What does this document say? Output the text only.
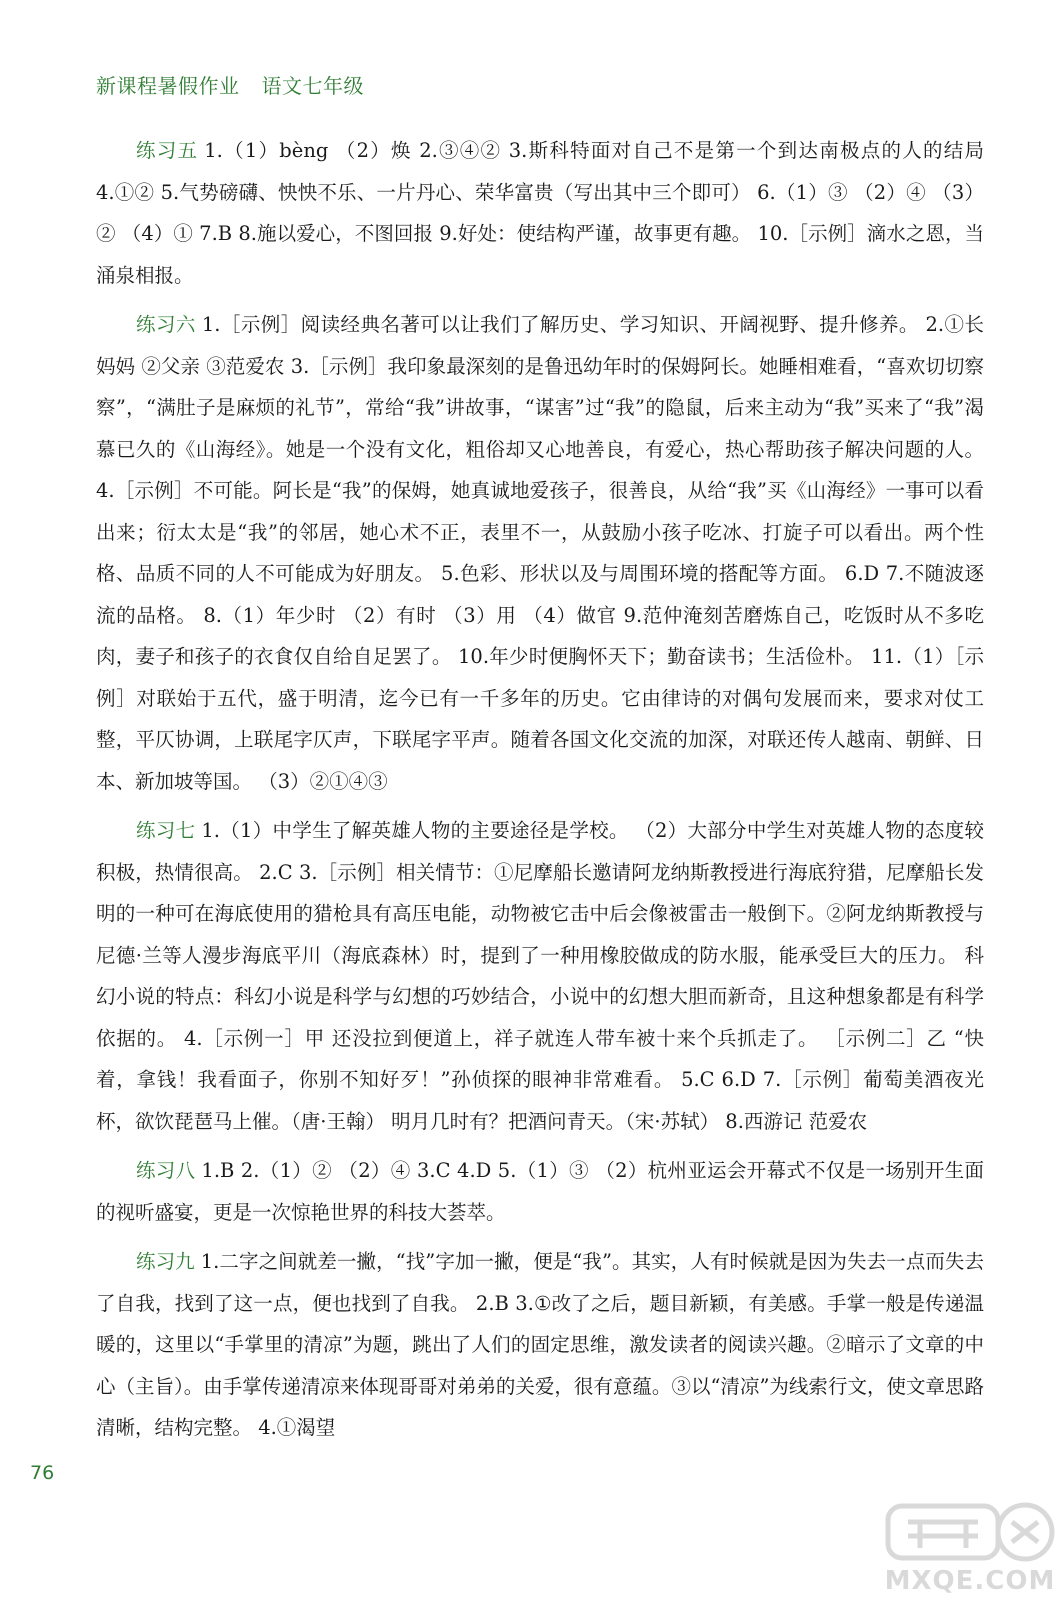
新课程暑假作业 语文七年级

练习五 1.（1）bèng （2）焕 2.③④② 3.斯科特面对自己不是第一个到达南极点的人的结局 4.①② 5.气势磅礴、怏怏不乐、一片丹心、荣华富贵（写出其中三个即可） 6.（1）③ （2）④ （3）② （4）① 7.B 8.施以爱心，不图回报 9.好处：使结构严谨，故事更有趣。 10.［示例］滴水之恩，当涌泉相报。

练习六 1.［示例］阅读经典名著可以让我们了解历史、学习知识、开阔视野、提升修养。 2.①长妈妈 ②父亲 ③范爱农 3.［示例］我印象最深刻的是鲁迅幼年时的保姆阿长。她睡相难看，“喜欢切切察察”，“满肚子是麻烦的礼节”，常给“我”讲故事，“谋害”过“我”的隐鼠，后来主动为“我”买来了“我”渴慕已久的《山海经》。她是一个没有文化，粗俗却又心地善良，有爱心，热心帮助孩子解决问题的人。 4.［示例］不可能。阿长是“我”的保姆，她真诚地爱孩子，很善良，从给“我”买《山海经》一事可以看出来；衍太太是“我”的邻居，她心术不正，表里不一，从鼓励小孩子吃冰、打旋子可以看出。两个性格、品质不同的人不可能成为好朋友。 5.色彩、形状以及与周围环境的搭配等方面。 6.D 7.不随波逐流的品格。 8.（1）年少时 （2）有时 （3）用 （4）做官 9.范仲淹刻苦磨炼自己，吃饭时从不多吃肉，妻子和孩子的衣食仅自给自足罢了。 10.年少时便胸怀天下；勤奋读书；生活俭朴。 11.（1）［示例］对联始于五代，盛于明清，迄今已有一千多年的历史。它由律诗的对偶句发展而来，要求对仗工整，平仄协调，上联尾字仄声，下联尾字平声。随着各国文化交流的加深，对联还传人越南、朝鲜、日本、新加坡等国。 （3）②①④③

练习七 1.（1）中学生了解英雄人物的主要途径是学校。 （2）大部分中学生对英雄人物的态度较积极，热情很高。 2.C 3.［示例］相关情节：①尼摩船长邀请阿龙纳斯教授进行海底狩猎，尼摩船长发明的一种可在海底使用的猎枪具有高压电能，动物被它击中后会像被雷击一般倒下。②阿龙纳斯教授与尼德·兰等人漫步海底平川（海底森林）时，提到了一种用橡胶做成的防水服，能承受巨大的压力。 科幻小说的特点：科幻小说是科学与幻想的巧妙结合，小说中的幻想大胆而新奇，且这种想象都是有科学依据的。 4.［示例一］甲 还没拉到便道上，祥子就连人带车被十来个兵抓走了。 ［示例二］乙 “快着，拿钱！我看面子，你别不知好歹！”孙侦探的眼神非常难看。 5.C 6.D 7.［示例］葡萄美酒夜光杯，欲饮琵琶马上催。（唐·王翰） 明月几时有？把酒问青天。（宋·苏轼） 8.西游记 范爱农

练习八 1.B 2.（1）② （2）④ 3.C 4.D 5.（1）③ （2）杭州亚运会开幕式不仅是一场别开生面的视听盛宴，更是一次惊艳世界的科技大荟萃。

练习九 1.二字之间就差一撇，“找”字加一撇，便是“我”。其实，人有时候就是因为失去一点而失去了自我，找到了这一点，便也找到了自我。 2.B 3.①改了之后，题目新颖，有美感。手掌一般是传递温暖的，这里以“手掌里的清凉”为题，跳出了人们的固定思维，激发读者的阅读兴趣。②暗示了文章的中心（主旨）。由手掌传递清凉来体现哥哥对弟弟的关爱，很有意蕴。③以“清凉”为线索行文，使文章思路清晰，结构完整。 4.①渴望

76
MXQE.COM
